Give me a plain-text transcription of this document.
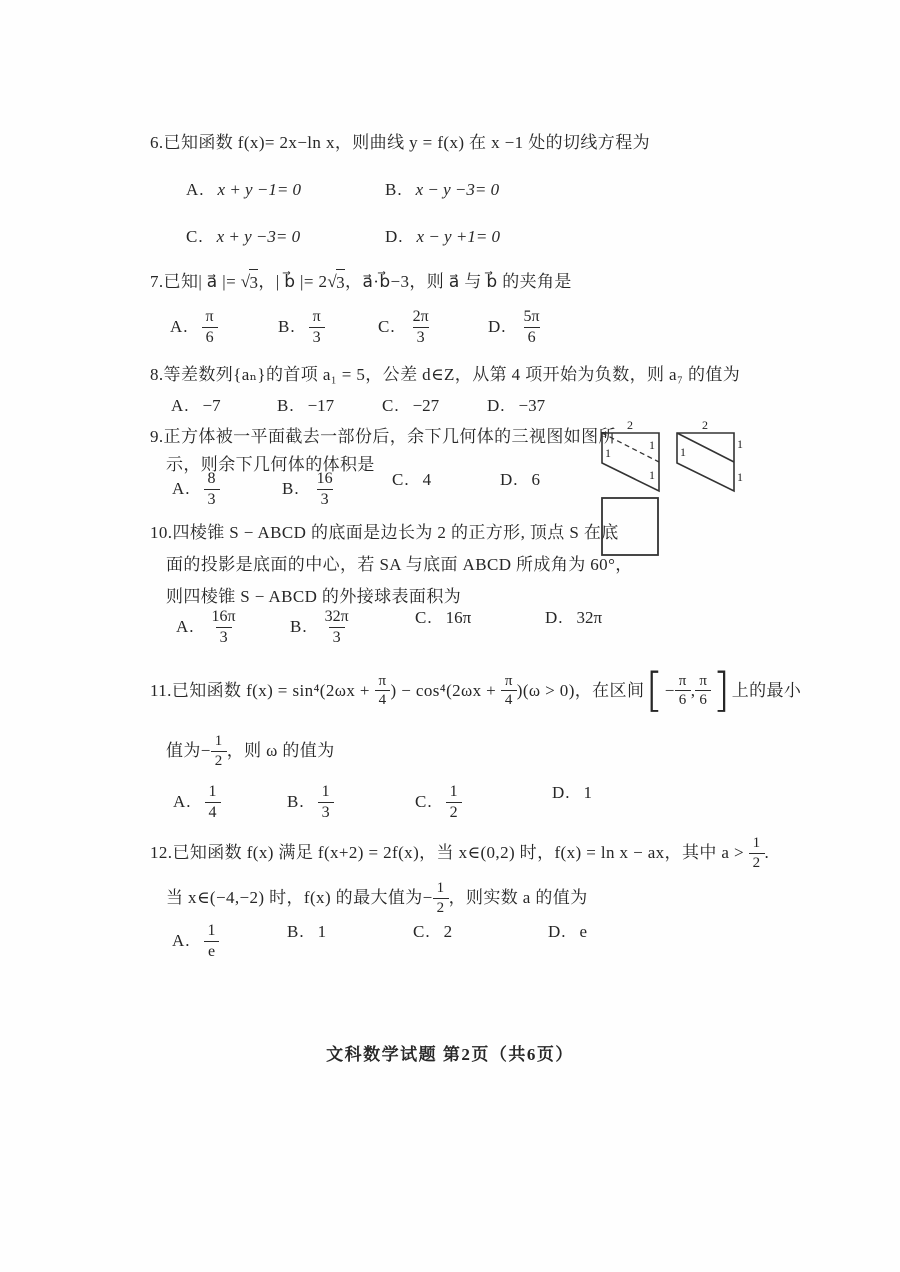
6.已知函数 f(x)= 2x−ln x，则曲线 y = f(x) 在 x −1 处的切线方程为
A. x + y −1= 0	B. x − y −3= 0
C. x + y −3= 0	D. x − y +1= 0
7.已知| a⃗ |= √ 3 ，| b⃗ |= 2 √ 3 ，a⃗·b⃗−3，则 a⃗ 与 b⃗ 的夹角是
A. $\frac{\pi}{6}$	B. $\frac{\pi}{3}$	C. $\frac{2\pi}{3}$	D. $\frac{5\pi}{6}$
8.等差数列{aₙ}的首项 a₁ = 5，公差 d∈Z，从第 4 项开始为负数，则 a₇ 的值为
A. −7	B. −17	C. −27	D. −37
9.正方体被一平面截去一部份后，余下几何体的三视图如图所
示，则余下几何体的体积是
A. $\frac{8}{3}$	B. $\frac{16}{3}$	C. 4	D. 6
2
1
1
1
2
1
1
1
10.四棱锥 S − ABCD 的底面是边长为 2 的正方形, 顶点 S 在底
面的投影是底面的中心，若 SA 与底面 ABCD 所成角为 60°，
则四棱锥 S − ABCD 的外接球表面积为
A. $\frac{16\pi}{3}$	B. $\frac{32\pi}{3}$	C. 16π	D. 32π
11.已知函数 $f(x) = \sin^4(2\omega x + \frac{\pi}{4}$ ) − $\cos^4(2\omega x + \frac{\pi}{4} )(\omega > 0)$，在区间 [ − $\frac{\pi}{6}$ , $\frac{\pi}{6}$ ] 上的最小
值为− $\frac{1}{2}$ ，则 ω 的值为
A. $\frac{1}{4}$	B. $\frac{1}{3}$	C. $\frac{1}{2}$	D. 1
12.已知函数 f(x) 满足 f(x+2) = 2f(x)，当 x∈(0,2) 时，f(x) = ln x − ax，其中 $a > \frac{1}{2}$ .
当 x∈(−4,−2) 时，f(x) 的最大值为− $\frac{1}{2}$ ，则实数 a 的值为
A. $\frac{1}{e}$	B. 1	C. 2	D. e
文科数学试题 第2页（共6页）
